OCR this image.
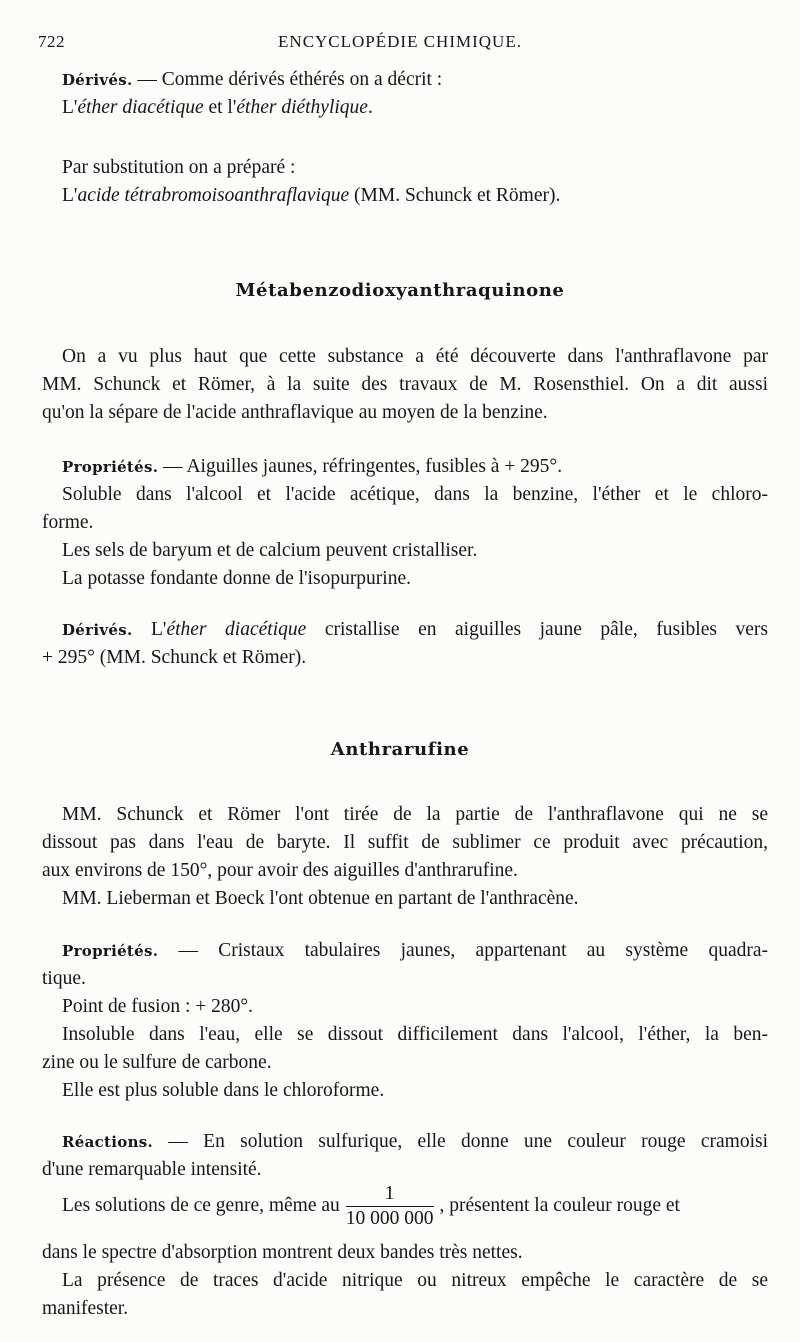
722	ENCYCLOPÉDIE CHIMIQUE.
Dérivés. — Comme dérivés éthérés on a décrit :
L'éther diacétique et l'éther diéthylique.
Par substitution on a préparé :
L'acide tétrabromoisoanthraflavique (MM. Schunck et Römer).
Métabenzodioxyanthraquinone
On a vu plus haut que cette substance a été découverte dans l'anthraflavone par
MM. Schunck et Römer, à la suite des travaux de M. Rosensthiel. On a dit aussi
qu'on la sépare de l'acide anthraflavique au moyen de la benzine.
Propriétés. — Aiguilles jaunes, réfringentes, fusibles à + 295°.
Soluble dans l'alcool et l'acide acétique, dans la benzine, l'éther et le chloro-
forme.
Les sels de baryum et de calcium peuvent cristalliser.
La potasse fondante donne de l'isopurpurine.
Dérivés. L'éther diacétique cristallise en aiguilles jaune pâle, fusibles vers
+ 295° (MM. Schunck et Römer).
Anthrarufine
MM. Schunck et Römer l'ont tirée de la partie de l'anthraflavone qui ne se
dissout pas dans l'eau de baryte. Il suffit de sublimer ce produit avec précaution,
aux environs de 150°, pour avoir des aiguilles d'anthrarufine.
MM. Lieberman et Boeck l'ont obtenue en partant de l'anthracène.
Propriétés. — Cristaux tabulaires jaunes, appartenant au système quadra-
tique.
Point de fusion : + 280°.
Insoluble dans l'eau, elle se dissout difficilement dans l'alcool, l'éther, la ben-
zine ou le sulfure de carbone.
Elle est plus soluble dans le chloroforme.
Réactions. — En solution sulfurique, elle donne une couleur rouge cramoisi
d'une remarquable intensité.
Les solutions de ce genre, même au $\frac{1}{10 000 000}$ , présentent la couleur rouge et
dans le spectre d'absorption montrent deux bandes très nettes.
La présence de traces d'acide nitrique ou nitreux empêche le caractère de se
manifester.
